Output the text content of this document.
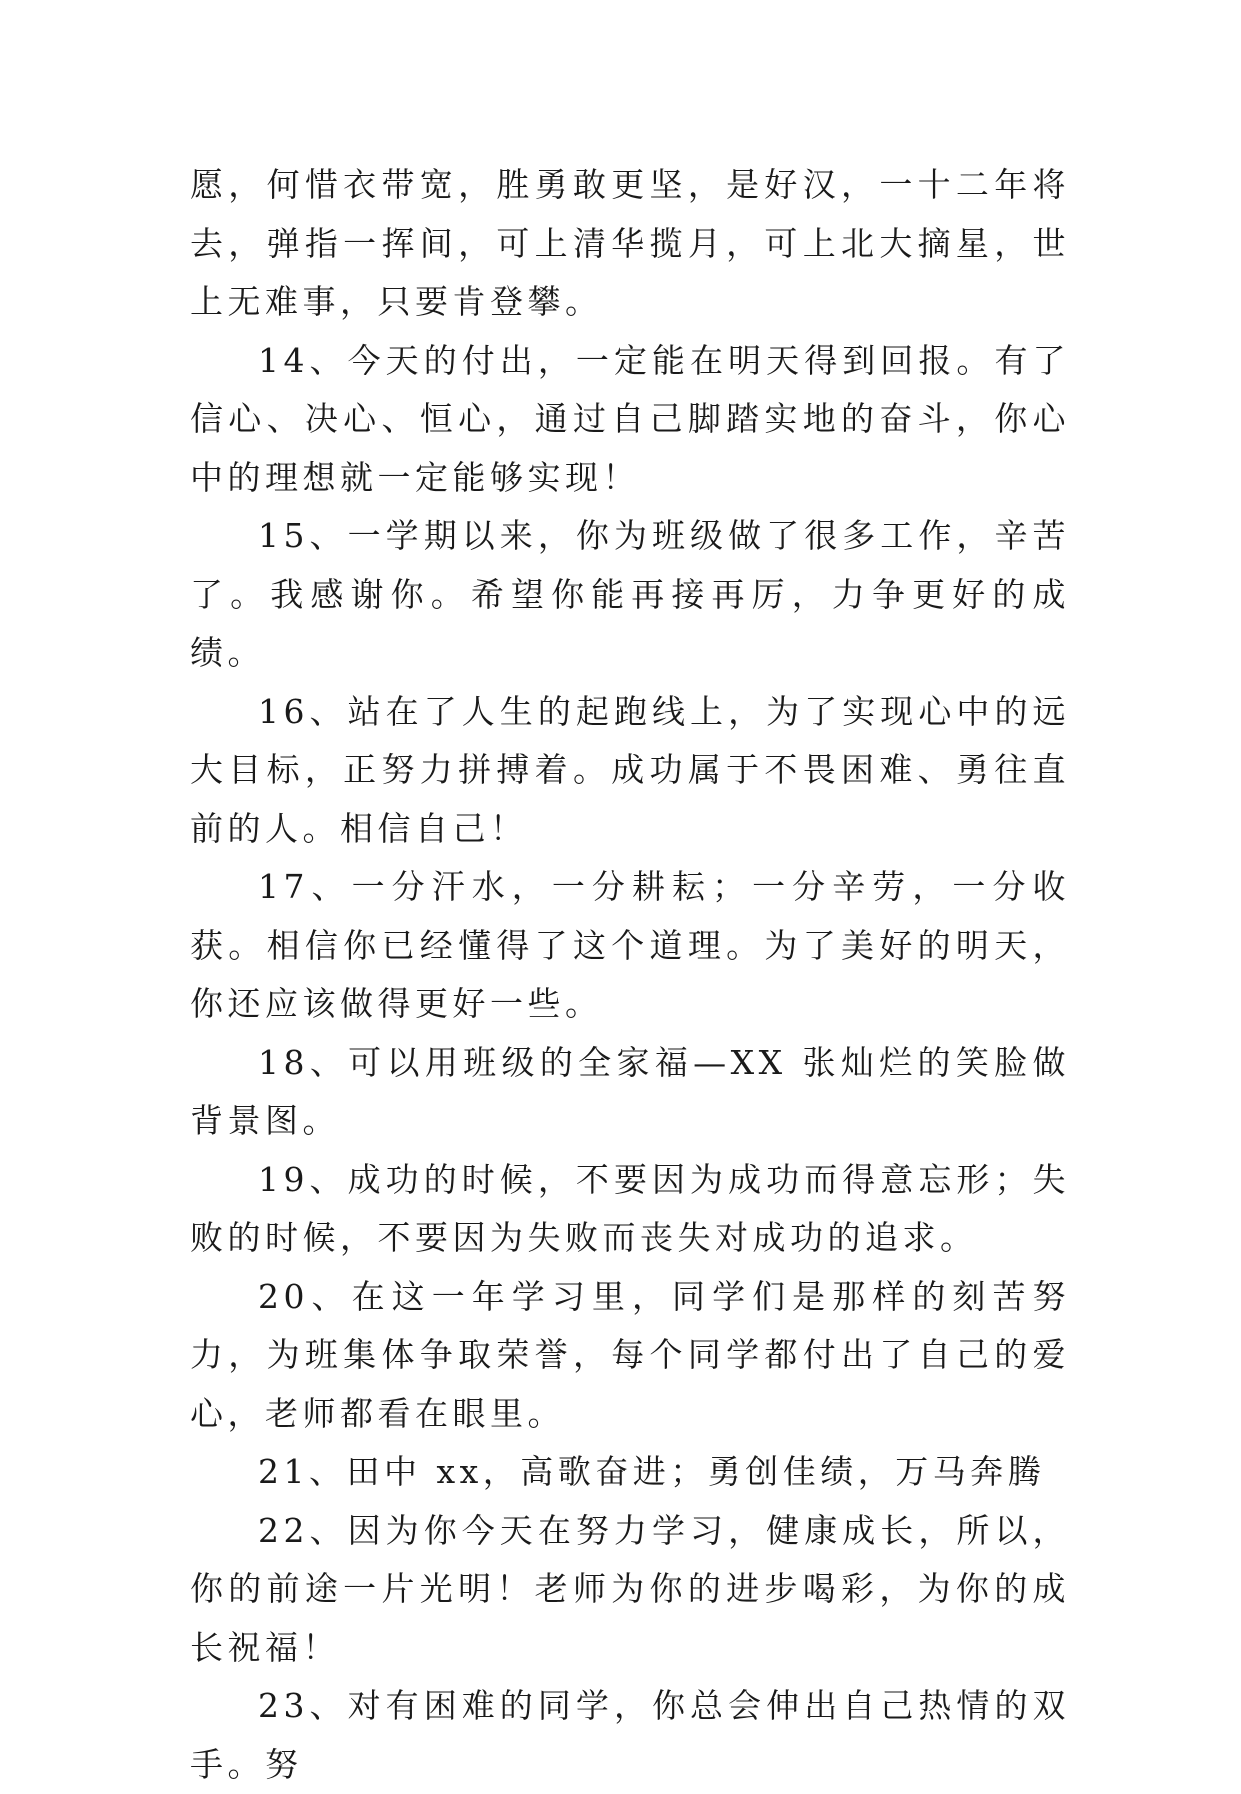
愿，何惜衣带宽，胜勇敢更坚，是好汉，一十二年将去，弹指一挥间，可上清华揽月，可上北大摘星，世上无难事，只要肯登攀。

14、今天的付出，一定能在明天得到回报。有了信心、决心、恒心，通过自己脚踏实地的奋斗，你心中的理想就一定能够实现！

15、一学期以来，你为班级做了很多工作，辛苦了。我感谢你。希望你能再接再厉，力争更好的成绩。

16、站在了人生的起跑线上，为了实现心中的远大目标，正努力拼搏着。成功属于不畏困难、勇往直前的人。相信自己！

17、一分汗水，一分耕耘；一分辛劳，一分收获。相信你已经懂得了这个道理。为了美好的明天，你还应该做得更好一些。

18、可以用班级的全家福—XX 张灿烂的笑脸做背景图。

19、成功的时候，不要因为成功而得意忘形；失败的时候，不要因为失败而丧失对成功的追求。

20、在这一年学习里，同学们是那样的刻苦努力，为班集体争取荣誉，每个同学都付出了自己的爱心，老师都看在眼里。

21、田中 xx，高歌奋进；勇创佳绩，万马奔腾

22、因为你今天在努力学习，健康成长，所以，你的前途一片光明！老师为你的进步喝彩，为你的成长祝福！

23、对有困难的同学，你总会伸出自己热情的双手。努
